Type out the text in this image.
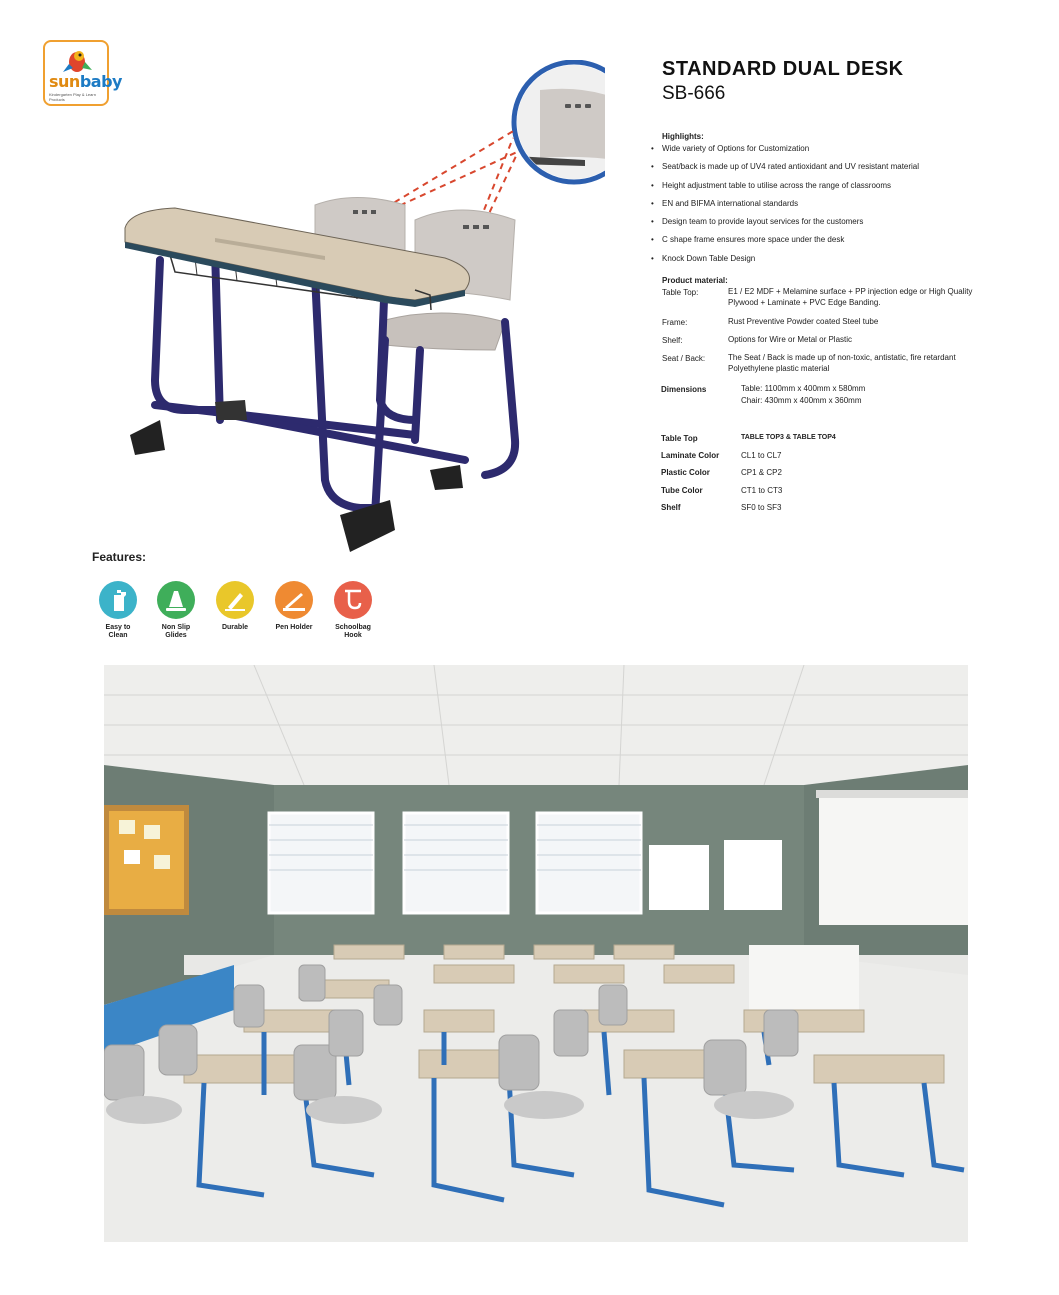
sunbaby
Kindergarten Play & Learn Products
STANDARD DUAL DESK
SB-666
Highlights:
• Wide variety of Options for Customization
• Seat/back is made up of UV4 rated antioxidant and UV resistant material
• Height adjustment table to utilise across the range of classrooms
• EN and BIFMA international standards
• Design team to provide layout services for the customers
• C shape frame ensures more space under the desk
• Knock Down Table Design
Product material:
Table Top:	E1 / E2 MDF + Melamine surface + PP injection edge or High Quality Plywood + Laminate + PVC Edge Banding.
Frame:	Rust Preventive Powder coated Steel tube
Shelf:	Options for Wire or Metal or Plastic
Seat / Back:	The Seat / Back is made up of non-toxic, antistatic, fire retardant Polyethylene plastic material
Dimensions	Table: 1100mm x 400mm x 580mm
Chair: 430mm x 400mm x 360mm
Table Top	TABLE TOP3 & TABLE TOP4
Laminate Color	CL1 to CL7
Plastic Color	CP1 & CP2
Tube Color	CT1 to CT3
Shelf	SF0 to SF3
Features:
Easy to
Clean
Non Slip
Glides
Durable	Pen Holder	Schoolbag
Hook
